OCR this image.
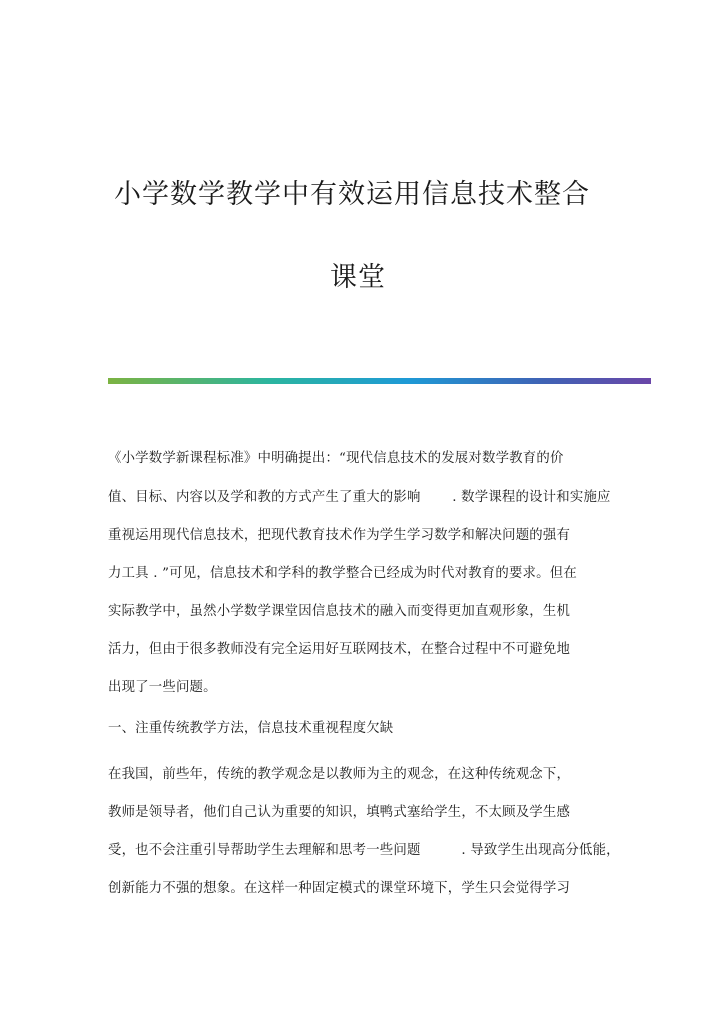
小学数学教学中有效运用信息技术整合
课堂
《小学数学新课程标准》中明确提出：“现代信息技术的发展对数学教育的价
值、目标、内容以及学和教的方式产生了重大的影响　　 . 数学课程的设计和实施应
重视运用现代信息技术，把现代教育技术作为学生学习数学和解决问题的强有
力工具 . ”可见，信息技术和学科的教学整合已经成为时代对教育的要求。但在
实际教学中，虽然小学数学课堂因信息技术的融入而变得更加直观形象，生机
活力，但由于很多教师没有完全运用好互联网技术，在整合过程中不可避免地
出现了一些问题。
一、注重传统教学方法，信息技术重视程度欠缺
在我国，前些年，传统的教学观念是以教师为主的观念，在这种传统观念下，
教师是领导者，他们自己认为重要的知识，填鸭式塞给学生，不太顾及学生感
受，也不会注重引导帮助学生去理解和思考一些问题　　　. 导致学生出现高分低能，
创新能力不强的想象。在这样一种固定模式的课堂环境下，学生只会觉得学习
